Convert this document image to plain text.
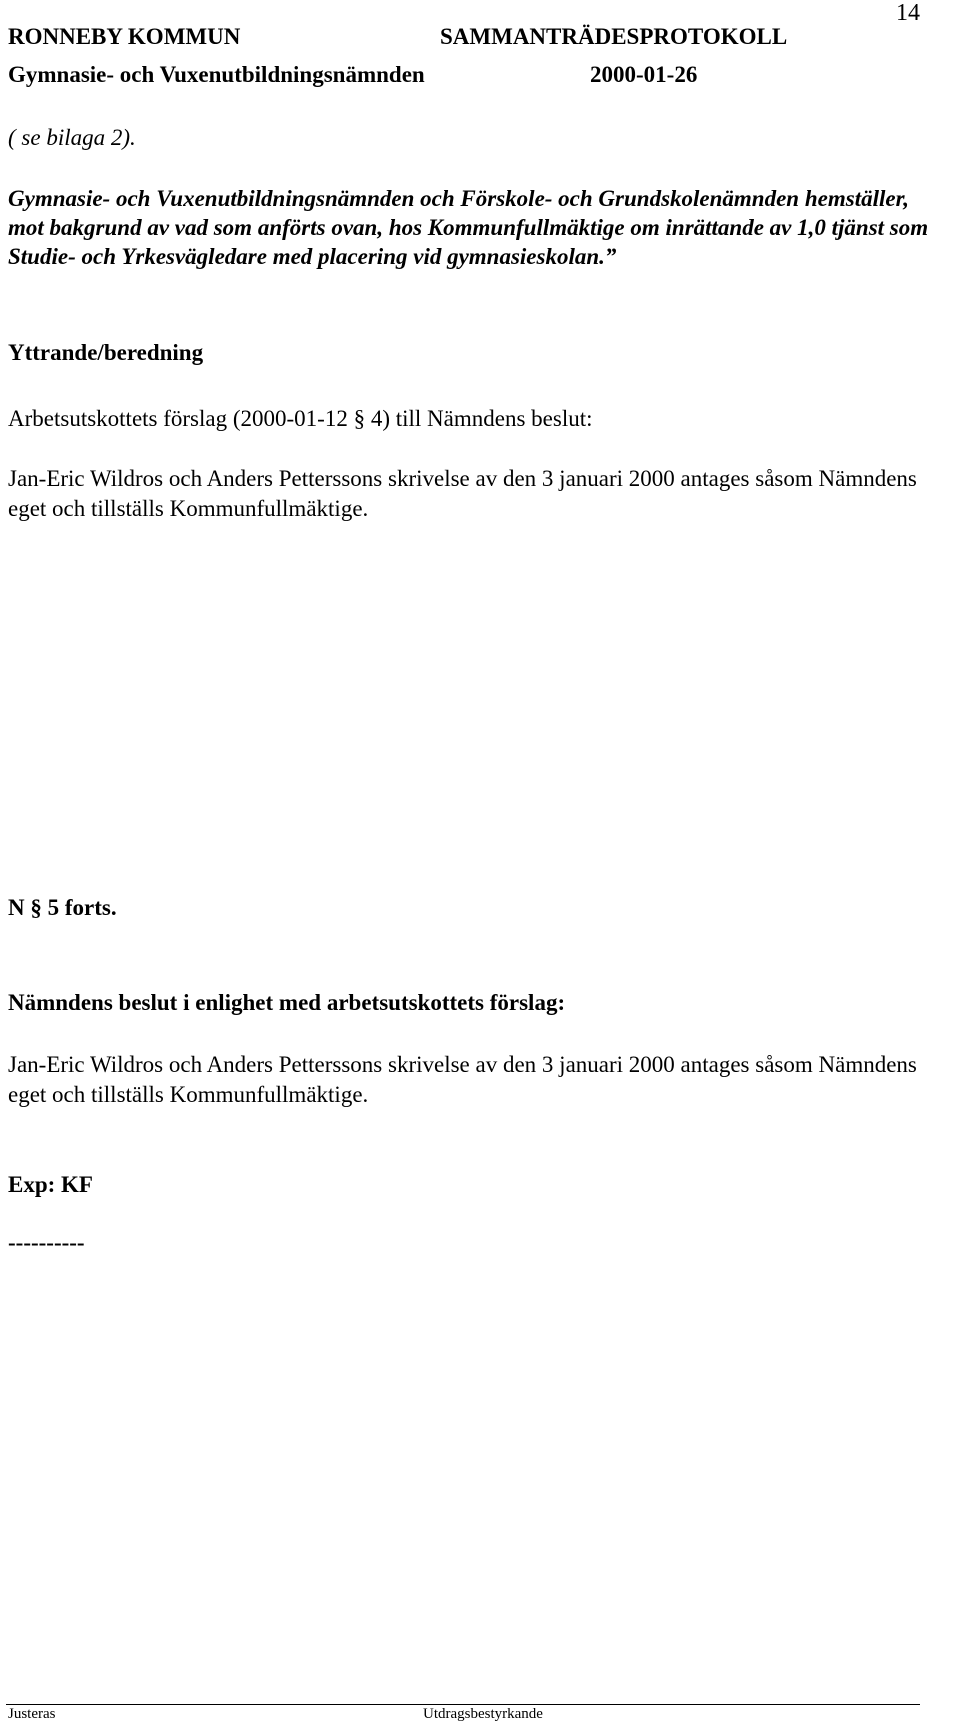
14
RONNEBY KOMMUN	SAMMANTRÄDESPROTOKOLL
Gymnasie- och Vuxenutbildningsnämnden	2000-01-26
( se bilaga 2).
Gymnasie- och Vuxenutbildningsnämnden och Förskole- och Grundskolenämnden hemställer, mot bakgrund av vad som anförts ovan, hos Kommunfullmäktige om inrättande av 1,0 tjänst som Studie- och Yrkesvägledare med placering vid gymnasieskolan.”
Yttrande/beredning
Arbetsutskottets förslag (2000-01-12 § 4) till Nämndens beslut:
Jan-Eric Wildros och Anders Petterssons skrivelse av den 3 januari 2000 antages såsom Nämndens eget och tillställs Kommunfullmäktige.
N § 5 forts.
Nämndens beslut i enlighet med arbetsutskottets förslag:
Jan-Eric Wildros och Anders Petterssons skrivelse av den 3 januari 2000 antages såsom Nämndens eget och tillställs Kommunfullmäktige.
Exp: KF
----------
Justeras	Utdragsbestyrkande
